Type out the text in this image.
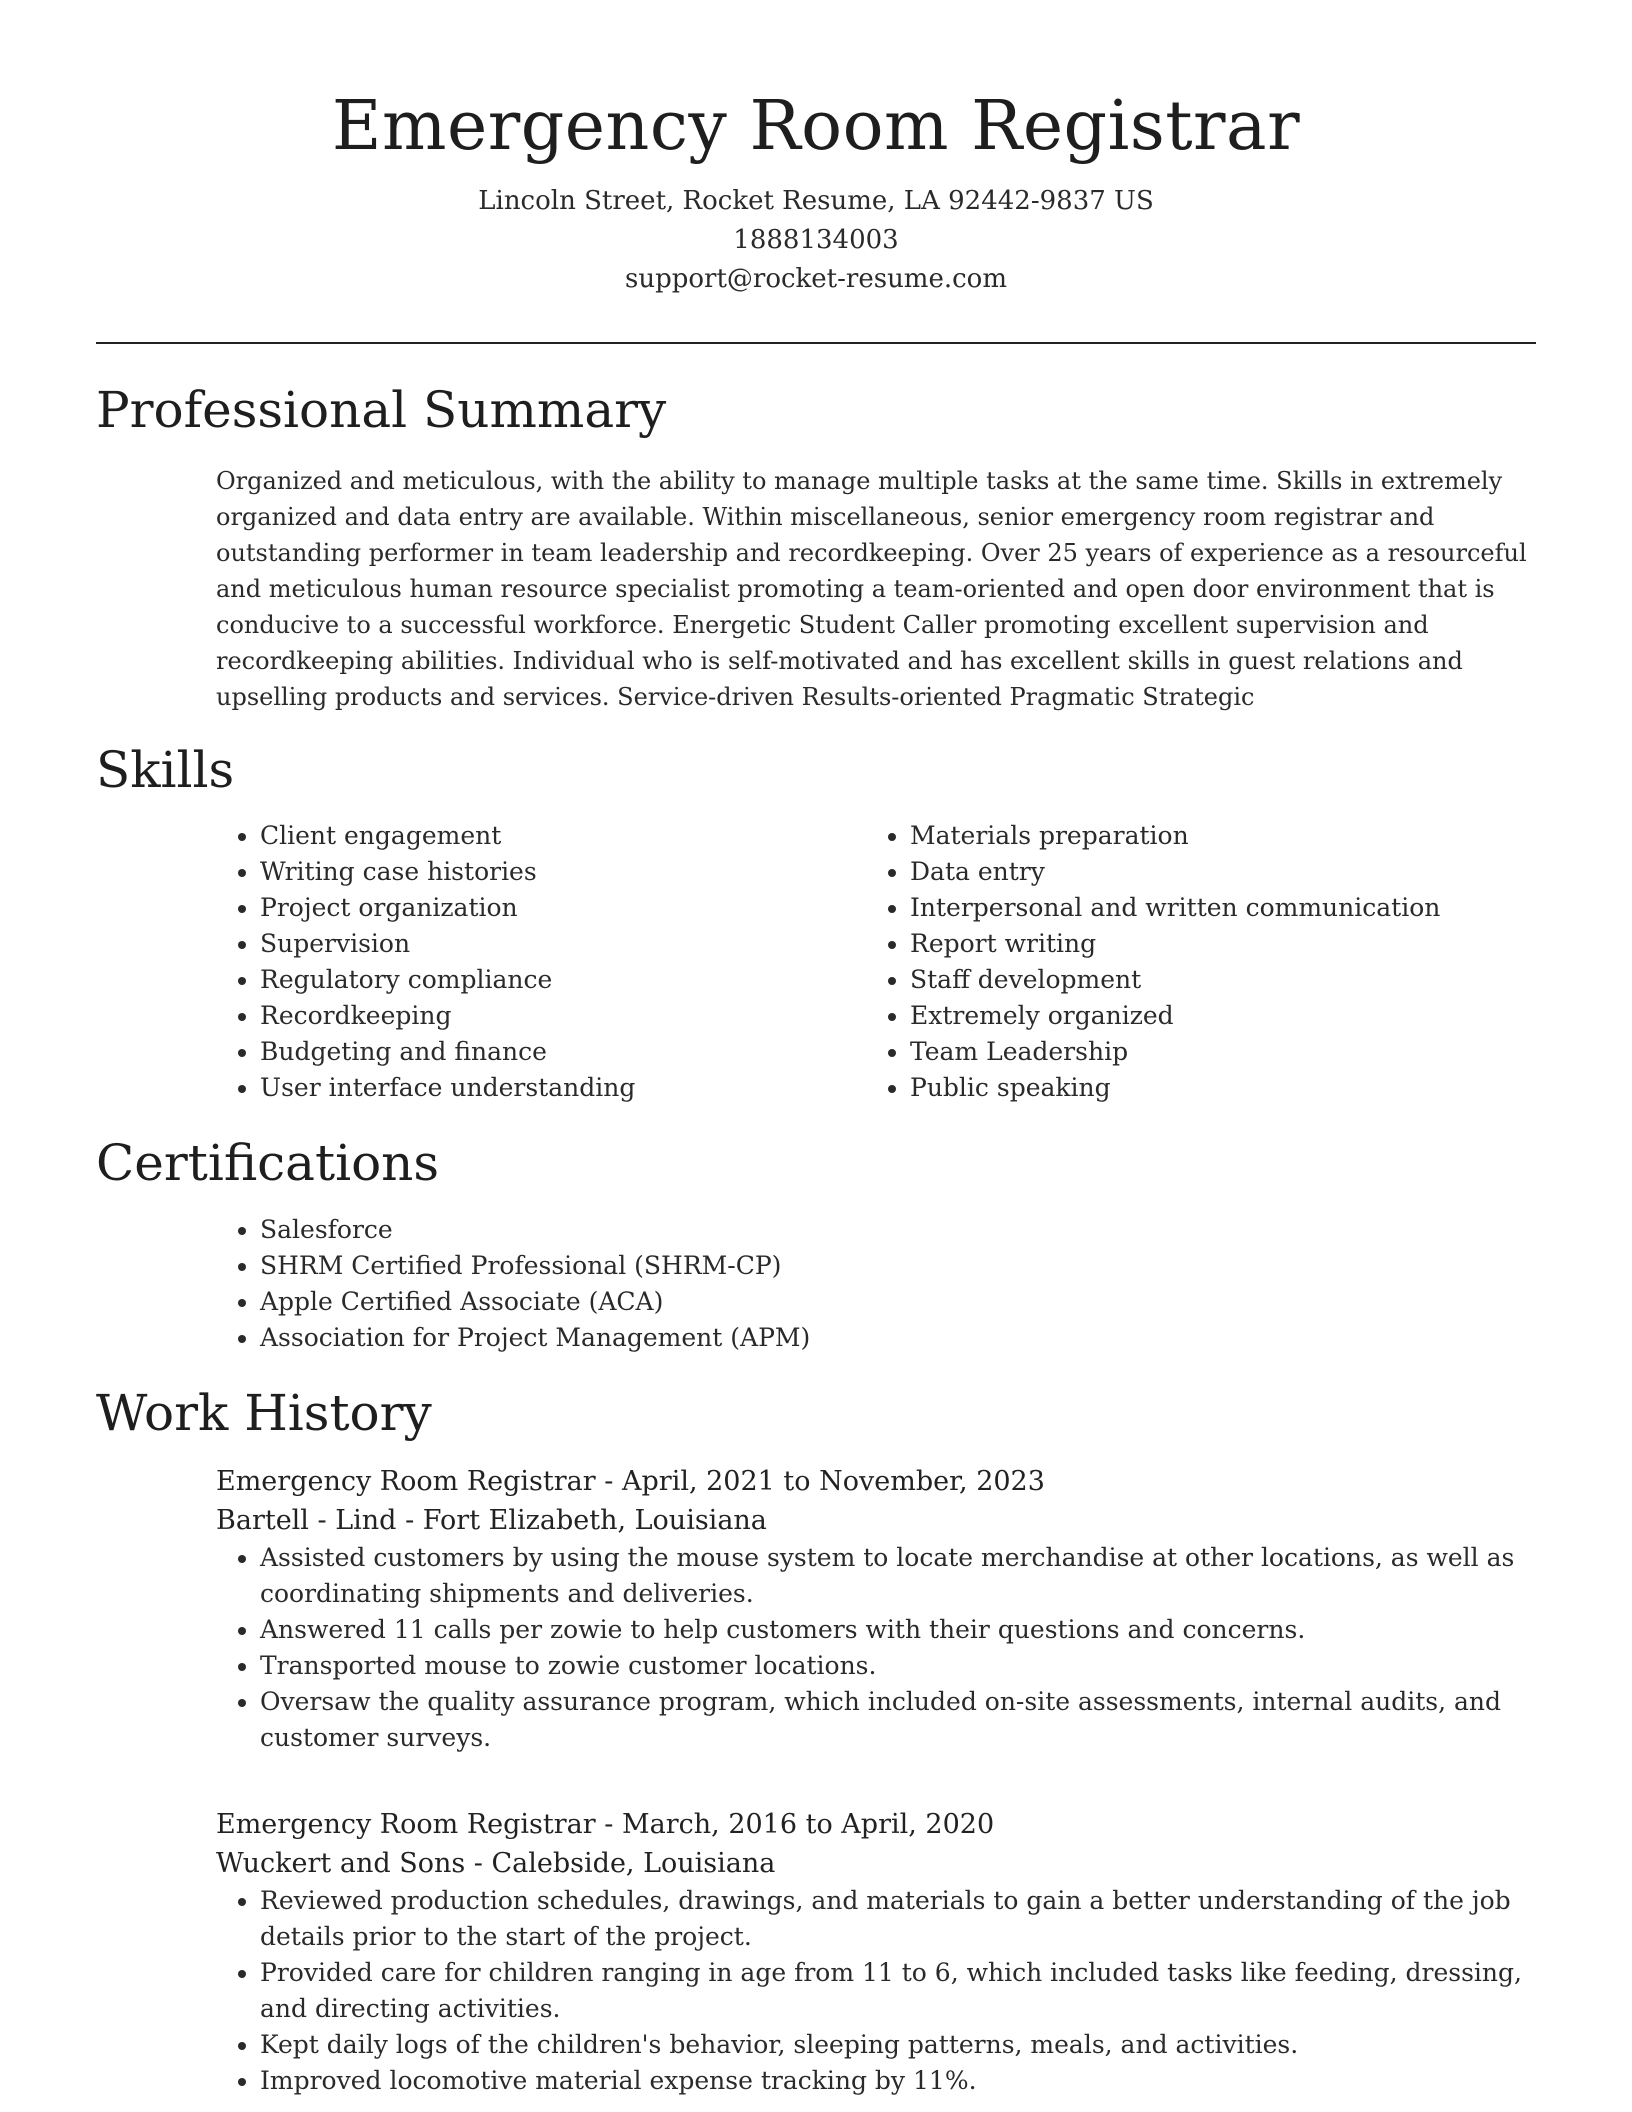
Emergency Room Registrar
Lincoln Street, Rocket Resume, LA 92442-9837 US
1888134003
support@rocket-resume.com
Professional Summary

Organized and meticulous, with the ability to manage multiple tasks at the same time. Skills in extremely organized and data entry are available. Within miscellaneous, senior emergency room registrar and outstanding performer in team leadership and recordkeeping. Over 25 years of experience as a resourceful and meticulous human resource specialist promoting a team-oriented and open door environment that is conducive to a successful workforce. Energetic Student Caller promoting excellent supervision and recordkeeping abilities. Individual who is self-motivated and has excellent skills in guest relations and upselling products and services. Service-driven Results-oriented Pragmatic Strategic

Skills
• Client engagement
• Writing case histories
• Project organization
• Supervision
• Regulatory compliance
• Recordkeeping
• Budgeting and finance
• User interface understanding
• Materials preparation
• Data entry
• Interpersonal and written communication
• Report writing
• Staff development
• Extremely organized
• Team Leadership
• Public speaking
Certifications
• Salesforce
• SHRM Certified Professional (SHRM-CP)
• Apple Certified Associate (ACA)
• Association for Project Management (APM)
Work History
Emergency Room Registrar - April, 2021 to November, 2023
Bartell - Lind - Fort Elizabeth, Louisiana
• Assisted customers by using the mouse system to locate merchandise at other locations, as well as coordinating shipments and deliveries.
• Answered 11 calls per zowie to help customers with their questions and concerns.
• Transported mouse to zowie customer locations.
• Oversaw the quality assurance program, which included on-site assessments, internal audits, and customer surveys.
Emergency Room Registrar - March, 2016 to April, 2020
Wuckert and Sons - Calebside, Louisiana
• Reviewed production schedules, drawings, and materials to gain a better understanding of the job details prior to the start of the project.
• Provided care for children ranging in age from 11 to 6, which included tasks like feeding, dressing, and directing activities.
• Kept daily logs of the children's behavior, sleeping patterns, meals, and activities.
• Improved locomotive material expense tracking by 11%.
